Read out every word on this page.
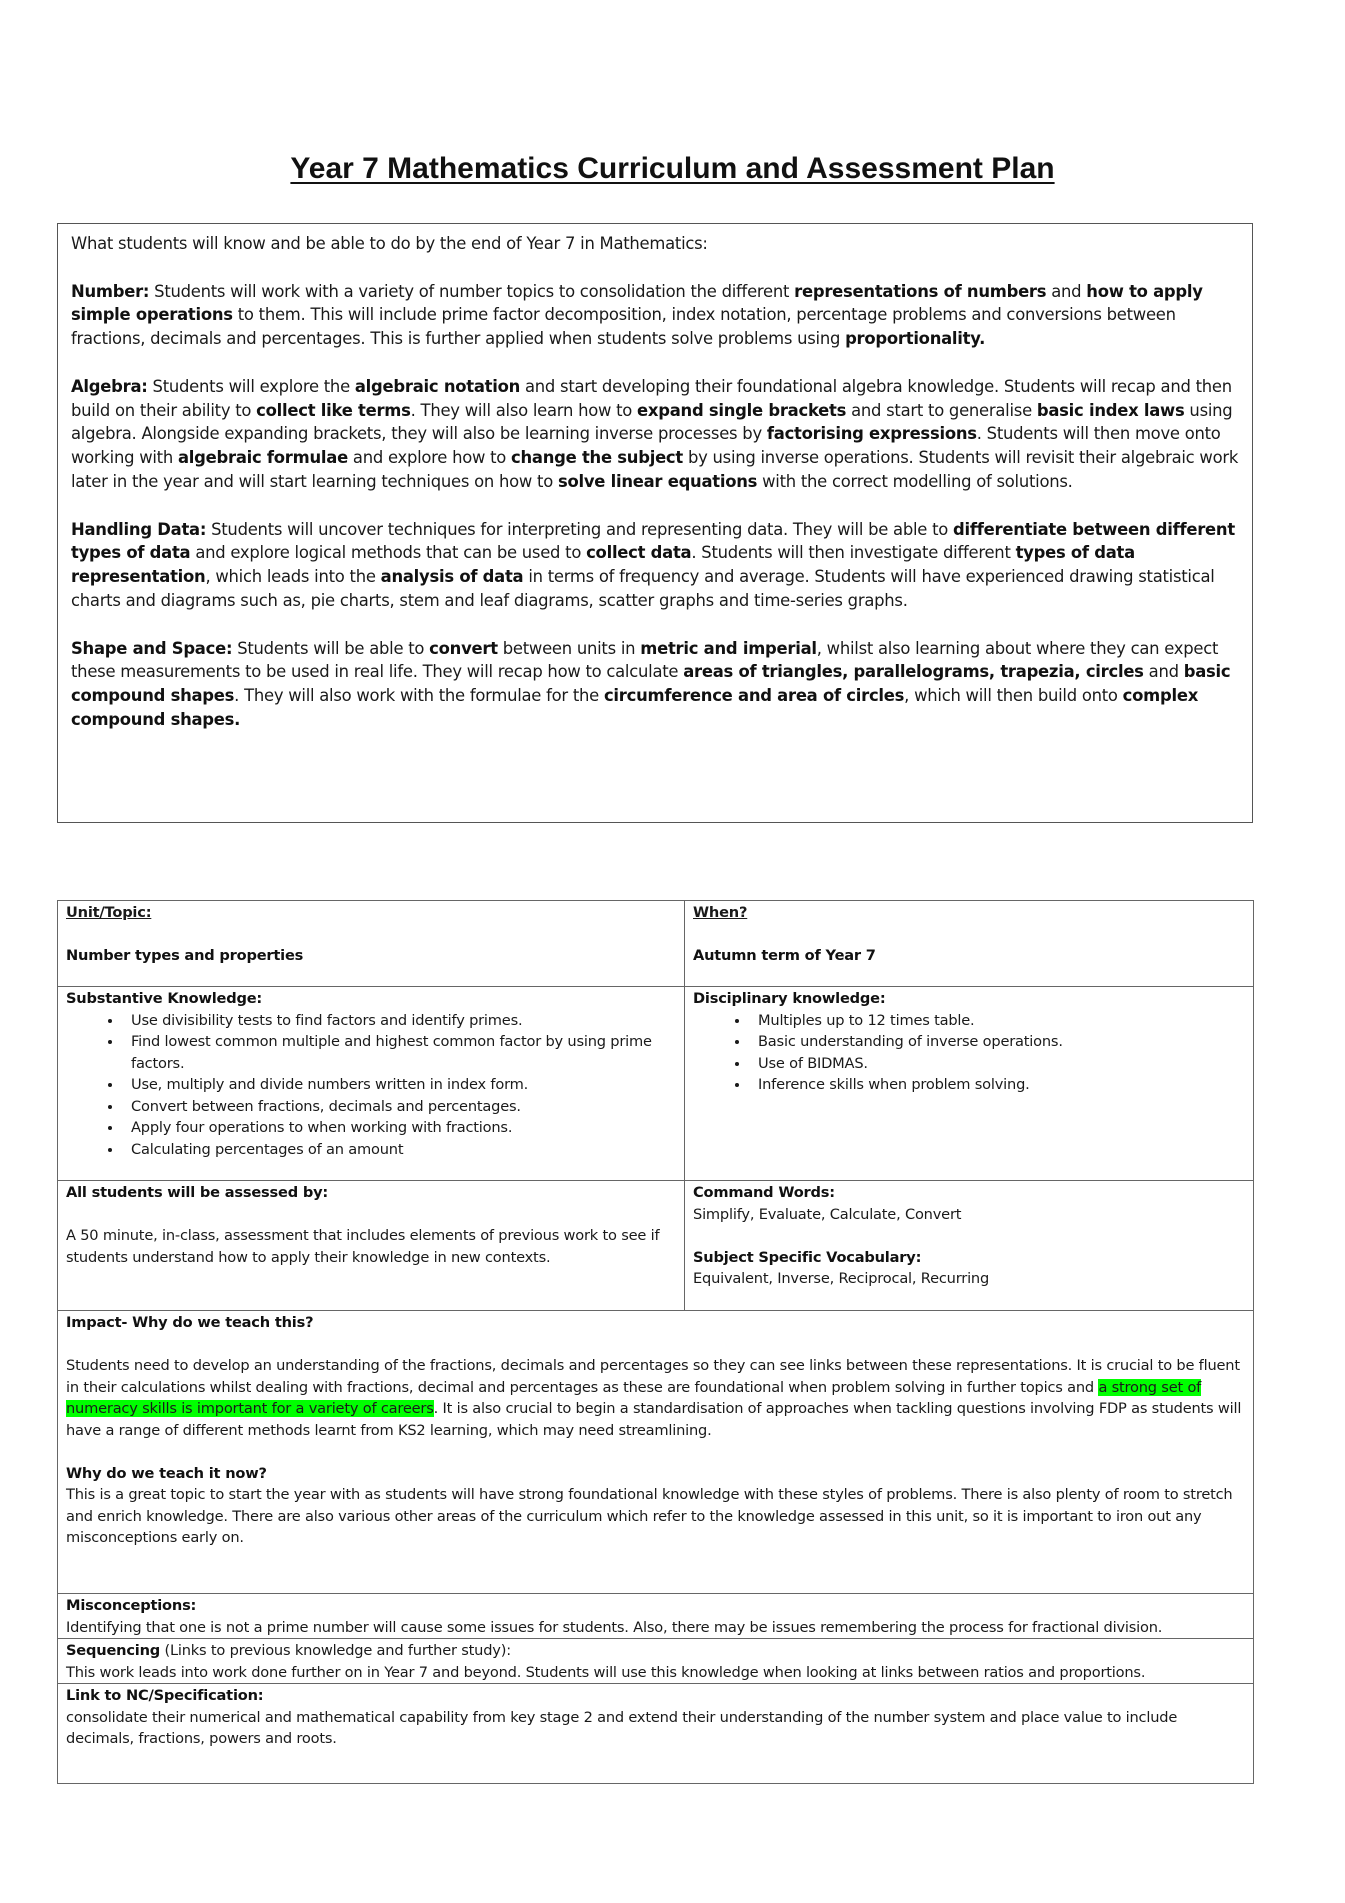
Year 7 Mathematics Curriculum and Assessment Plan

What students will know and be able to do by the end of Year 7 in Mathematics:

Number: Students will work with a variety of number topics to consolidation the different representations of numbers and how to apply simple operations to them. This will include prime factor decomposition, index notation, percentage problems and conversions between fractions, decimals and percentages. This is further applied when students solve problems using proportionality.

Algebra: Students will explore the algebraic notation and start developing their foundational algebra knowledge. Students will recap and then build on their ability to collect like terms. They will also learn how to expand single brackets and start to generalise basic index laws using algebra. Alongside expanding brackets, they will also be learning inverse processes by factorising expressions. Students will then move onto working with algebraic formulae and explore how to change the subject by using inverse operations. Students will revisit their algebraic work later in the year and will start learning techniques on how to solve linear equations with the correct modelling of solutions.

Handling Data: Students will uncover techniques for interpreting and representing data. They will be able to differentiate between different types of data and explore logical methods that can be used to collect data. Students will then investigate different types of data representation, which leads into the analysis of data in terms of frequency and average. Students will have experienced drawing statistical charts and diagrams such as, pie charts, stem and leaf diagrams, scatter graphs and time-series graphs.

Shape and Space: Students will be able to convert between units in metric and imperial, whilst also learning about where they can expect these measurements to be used in real life. They will recap how to calculate areas of triangles, parallelograms, trapezia, circles and basic compound shapes. They will also work with the formulae for the circumference and area of circles, which will then build onto complex compound shapes.

Unit/Topic:
Number types and properties

When?
Autumn term of Year 7

Substantive Knowledge:
• Use divisibility tests to find factors and identify primes.
• Find lowest common multiple and highest common factor by using prime factors.
• Use, multiply and divide numbers written in index form.
• Convert between fractions, decimals and percentages.
• Apply four operations to when working with fractions.
• Calculating percentages of an amount

Disciplinary knowledge:
• Multiples up to 12 times table.
• Basic understanding of inverse operations.
• Use of BIDMAS.
• Inference skills when problem solving.

All students will be assessed by:
A 50 minute, in-class, assessment that includes elements of previous work to see if students understand how to apply their knowledge in new contexts.

Command Words:
Simplify, Evaluate, Calculate, Convert
Subject Specific Vocabulary:
Equivalent, Inverse, Reciprocal, Recurring

Impact- Why do we teach this?
Students need to develop an understanding of the fractions, decimals and percentages so they can see links between these representations. It is crucial to be fluent in their calculations whilst dealing with fractions, decimal and percentages as these are foundational when problem solving in further topics and a strong set of numeracy skills is important for a variety of careers. It is also crucial to begin a standardisation of approaches when tackling questions involving FDP as students will have a range of different methods learnt from KS2 learning, which may need streamlining.
Why do we teach it now?
This is a great topic to start the year with as students will have strong foundational knowledge with these styles of problems. There is also plenty of room to stretch and enrich knowledge. There are also various other areas of the curriculum which refer to the knowledge assessed in this unit, so it is important to iron out any misconceptions early on.	

Misconceptions:
Identifying that one is not a prime number will cause some issues for students. Also, there may be issues remembering the process for fractional division.	

Sequencing (Links to previous knowledge and further study):
This work leads into work done further on in Year 7 and beyond. Students will use this knowledge when looking at links between ratios and proportions.	

Link to NC/Specification:
consolidate their numerical and mathematical capability from key stage 2 and extend their understanding of the number system and place value to include decimals, fractions, powers and roots.	
